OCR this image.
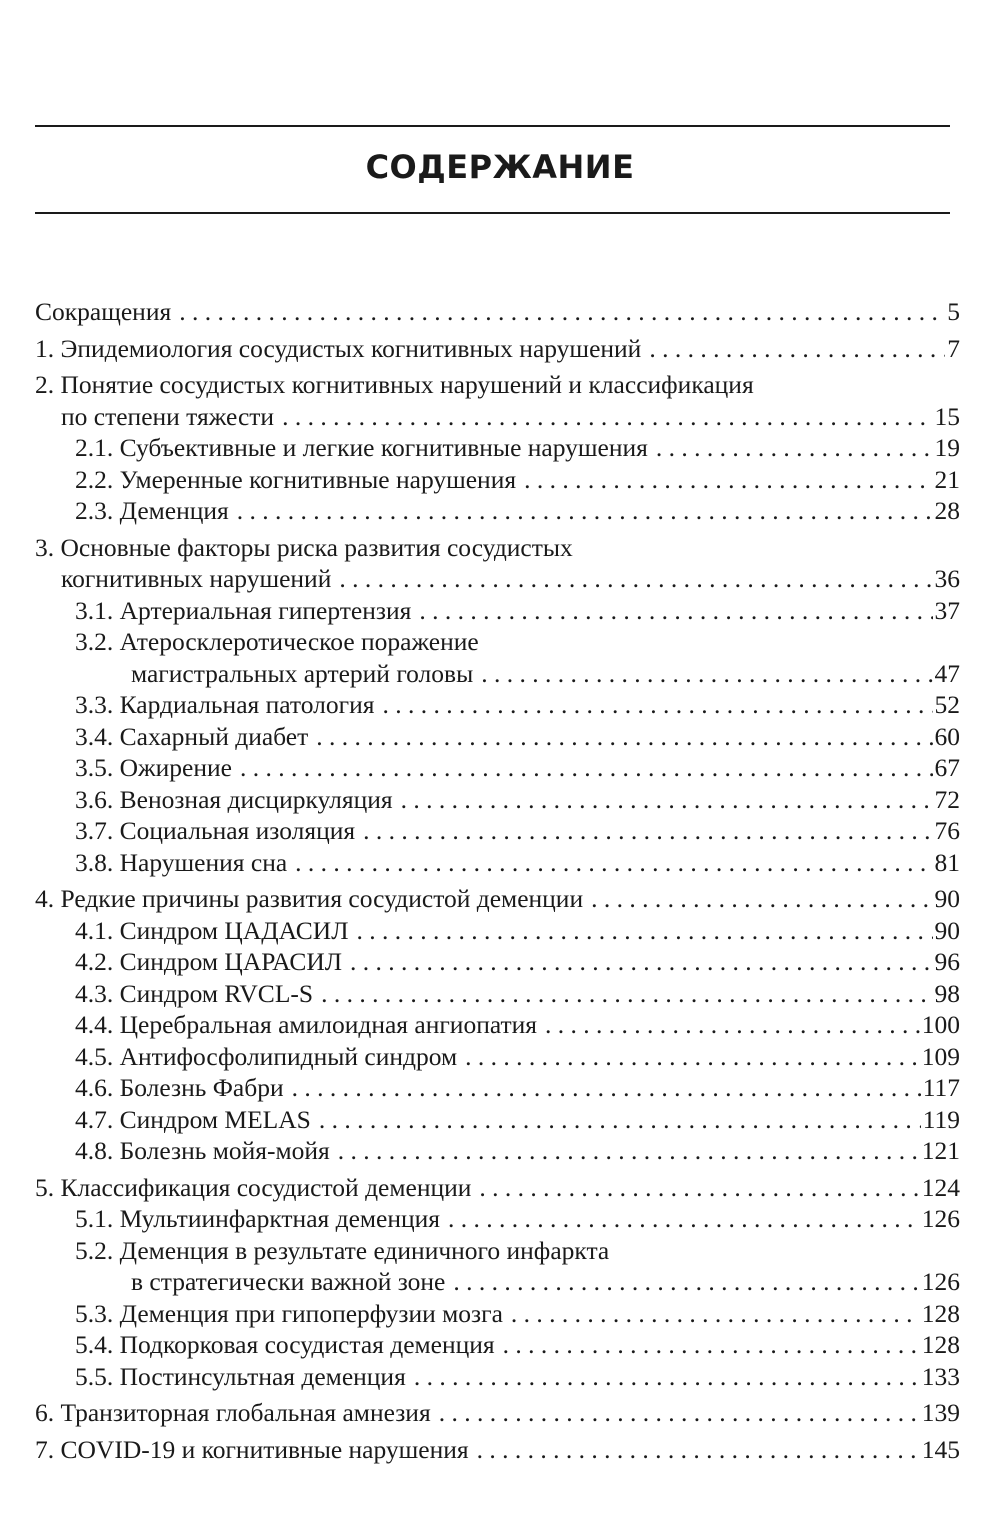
СОДЕРЖАНИЕ
Сокращения . . .	5
1. Эпидемиология сосудистых когнитивных нарушений . . .	7
2. Понятие сосудистых когнитивных нарушений и классификация
по степени тяжести . . .	15
2.1. Субъективные и легкие когнитивные нарушения . . .	19
2.2. Умеренные когнитивные нарушения . . .	21
2.3. Деменция . . .	28
3. Основные факторы риска развития сосудистых
когнитивных нарушений . . .	36
3.1. Артериальная гипертензия . . .	37
3.2. Атеросклеротическое поражение
магистральных артерий головы . . .	47
3.3. Кардиальная патология . . .	52
3.4. Сахарный диабет . . .	60
3.5. Ожирение . . .	67
3.6. Венозная дисциркуляция . . .	72
3.7. Социальная изоляция . . .	76
3.8. Нарушения сна . . .	81
4. Редкие причины развития сосудистой деменции . . .	90
4.1. Синдром ЦАДАСИЛ . . .	90
4.2. Синдром ЦАРАСИЛ . . .	96
4.3. Синдром RVCL-S . . .	98
4.4. Церебральная амилоидная ангиопатия . . .	100
4.5. Антифосфолипидный синдром . . .	109
4.6. Болезнь Фабри . . .	117
4.7. Синдром MELAS . . .	119
4.8. Болезнь мойя-мойя . . .	121
5. Классификация сосудистой деменции . . .	124
5.1. Мультиинфарктная деменция . . .	126
5.2. Деменция в результате единичного инфаркта
в стратегически важной зоне . . .	126
5.3. Деменция при гипоперфузии мозга . . .	128
5.4. Подкорковая сосудистая деменция . . .	128
5.5. Постинсультная деменция . . .	133
6. Транзиторная глобальная амнезия . . .	139
7. COVID-19 и когнитивные нарушения . . .	145
